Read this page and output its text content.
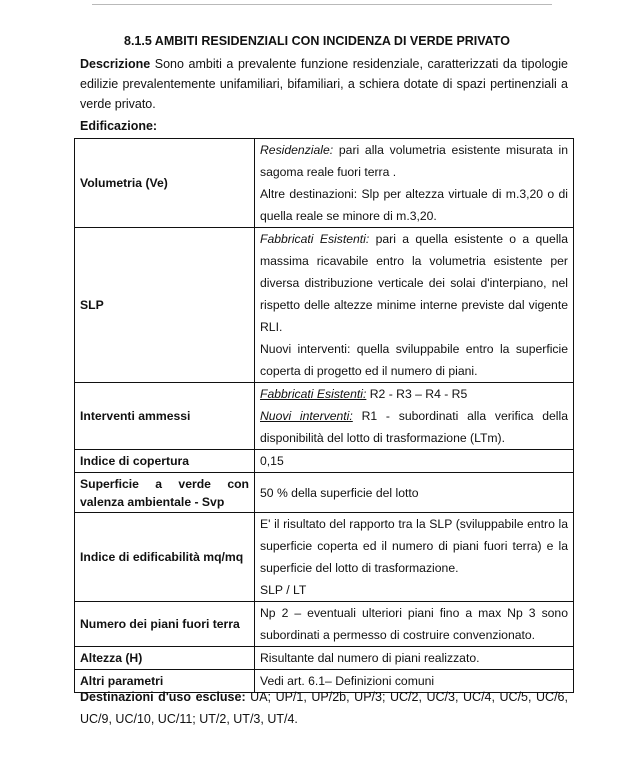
8.1.5 AMBITI RESIDENZIALI CON INCIDENZA DI VERDE PRIVATO
Descrizione Sono ambiti a prevalente funzione residenziale, caratterizzati da tipologie edilizie prevalentemente unifamiliari, bifamiliari, a schiera dotate di spazi pertinenziali a verde privato.
Edificazione:
Volumetria (Ve)	Residenziale: pari alla volumetria esistente misurata in sagoma reale fuori terra .
Altre destinazioni: Slp per altezza virtuale di m.3,20 o di quella reale se minore di m.3,20.

SLP	Fabbricati Esistenti: pari a quella esistente o a quella massima ricavabile entro la volumetria esistente per diversa distribuzione verticale dei solai d'interpiano, nel rispetto delle altezze minime interne previste dal vigente RLI.
Nuovi interventi: quella sviluppabile entro la superficie coperta di progetto ed il numero di piani.

Interventi ammessi	Fabbricati Esistenti: R2 - R3 – R4 - R5
Nuovi interventi: R1 - subordinati alla verifica della disponibilità del lotto di trasformazione (LTm).

Indice di copertura	0,15

Superficie a verde con
valenza ambientale - Svp	50 % della superficie del lotto
Indice di edificabilità mq/mq	E' il risultato del rapporto tra la SLP (sviluppabile entro la superficie coperta ed il numero di piani fuori terra) e la superficie del lotto di trasformazione.
SLP / LT

Numero dei piani fuori terra	Np 2 – eventuali ulteriori piani fino a max Np 3 sono subordinati a permesso di costruire convenzionato.
Altezza (H)	Risultante dal numero di piani realizzato.
Altri parametri	Vedi art. 6.1– Definizioni comuni
Destinazioni d'uso escluse: UA; UP/1, UP/2b, UP/3; UC/2, UC/3, UC/4, UC/5, UC/6, UC/9, UC/10, UC/11; UT/2, UT/3, UT/4.
